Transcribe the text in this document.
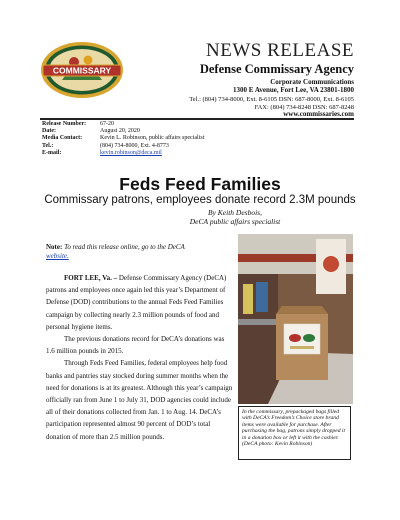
COMMISSARY
NEWS RELEASE
Defense Commissary Agency
Corporate Communications
1300 E Avenue, Fort Lee, VA 23801-1800
Tel.: (804) 734-8000, Ext. 8-6105 DSN: 687-8000, Ext. 8-6105
FAX: (804) 734-8248 DSN: 687-8248
www.commissaries.com
Release Number:	67-20
Date:	August 20, 2020
Media Contact:	Kevin L. Robinson, public affairs specialist
Tel.:	(804) 734-8000, Ext. 4-8773
E-mail:	kevin.robinson@deca.mil
Feds Feed Families
Commissary patrons, employees donate record 2.3M pounds
By Keith Desbois,
DeCA public affairs specialist
Note: To read this release online, go to the DeCA
website.

FORT LEE, Va. – Defense Commissary Agency (DeCA) patrons and employees once again led this year’s Department of Defense (DOD) contributions to the annual Feds Feed Families campaign by collecting nearly 2.3 million pounds of food and personal hygiene items.

The previous donations record for DeCA’s donations was 1.6 million pounds in 2015.

Through Feds Feed Families, federal employees help food banks and pantries stay stocked during summer months when the need for donations is at its greatest. Although this year’s campaign officially ran from June 1 to July 31, DOD agencies could include all of their donations collected from Jan. 1 to Aug. 14. DeCA’s participation represented almost 90 percent of DOD’s total donation of more than 2.5 million pounds.

In the commissary, prepackaged bags filled with DeCA’s Freedom’s Choice store brand items were available for purchase. After purchasing the bag, patrons simply dropped it in a donation box or left it with the cashier. (DeCA photo: Kevin Robinson)
